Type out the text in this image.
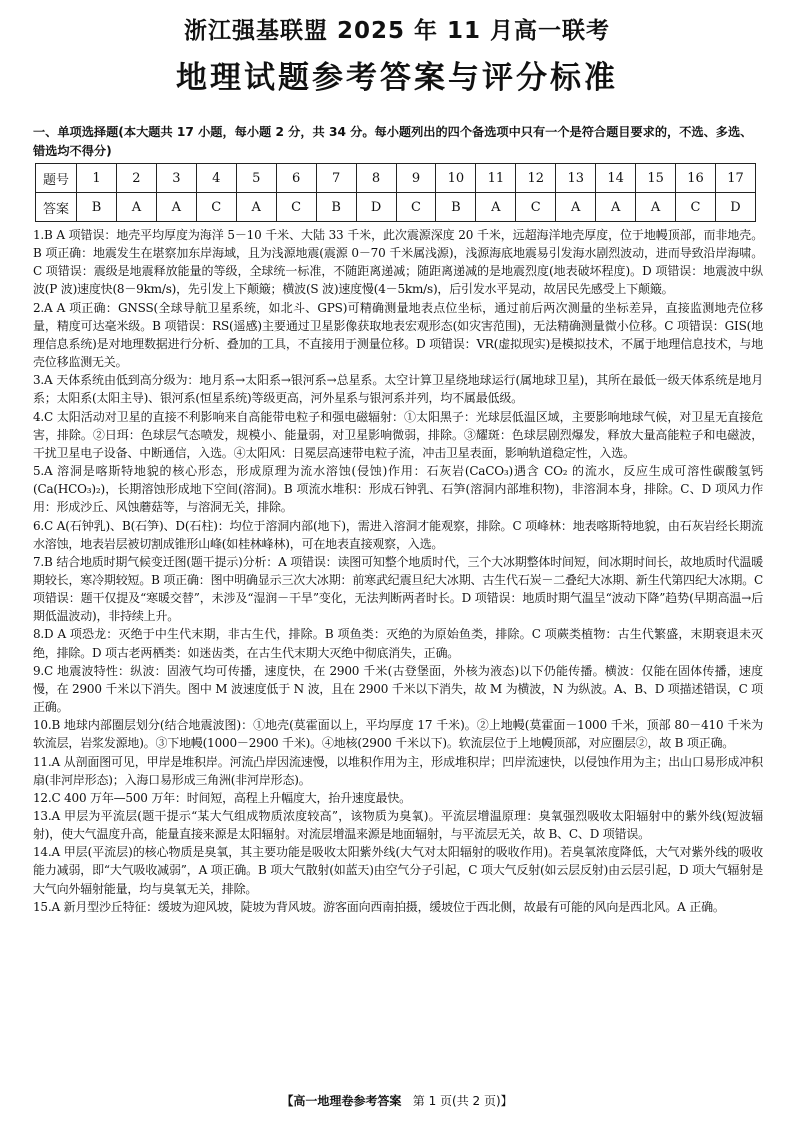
浙江强基联盟 2025 年 11 月高一联考
地理试题参考答案与评分标准
一、单项选择题(本大题共 17 小题，每小题 2 分，共 34 分。每小题列出的四个备选项中只有一个是符合题目要求的，不选、多选、错选均不得分)
题号	1	2	3	4	5	6	7	8	9	10	11	12	13	14	15	16	17
答案	B	A	A	C	A	C	B	D	C	B	A	C	A	A	A	C	D

1.B A 项错误：地壳平均厚度为海洋 5－10 千米、大陆 33 千米，此次震源深度 20 千米，远超海洋地壳厚度，位于地幔顶部，而非地壳。B 项正确：地震发生在堪察加东岸海域，且为浅源地震(震源 0－70 千米属浅源)，浅源海底地震易引发海水剧烈波动，进而导致沿岸海啸。C 项错误：震级是地震释放能量的等级，全球统一标准，不随距离递减；随距离递减的是地震烈度(地表破坏程度)。D 项错误：地震波中纵波(P 波)速度快(8－9km/s)，先引发上下颠簸；横波(S 波)速度慢(4－5km/s)，后引发水平晃动，故居民先感受上下颠簸。

2.A A 项正确：GNSS(全球导航卫星系统，如北斗、GPS)可精确测量地表点位坐标，通过前后两次测量的坐标差异，直接监测地壳位移量，精度可达毫米级。B 项错误：RS(遥感)主要通过卫星影像获取地表宏观形态(如灾害范围)，无法精确测量微小位移。C 项错误：GIS(地理信息系统)是对地理数据进行分析、叠加的工具，不直接用于测量位移。D 项错误：VR(虚拟现实)是模拟技术，不属于地理信息技术，与地壳位移监测无关。

3.A 天体系统由低到高分级为：地月系→太阳系→银河系→总星系。太空计算卫星绕地球运行(属地球卫星)，其所在最低一级天体系统是地月系；太阳系(太阳主导)、银河系(恒星系统)等级更高，河外星系与银河系并列，均不属最低级。

4.C 太阳活动对卫星的直接不利影响来自高能带电粒子和强电磁辐射：①太阳黑子：光球层低温区域，主要影响地球气候，对卫星无直接危害，排除。②日珥：色球层气态喷发，规模小、能量弱，对卫星影响微弱，排除。③耀斑：色球层剧烈爆发，释放大量高能粒子和电磁波，干扰卫星电子设备、中断通信，入选。④太阳风：日冕层高速带电粒子流，冲击卫星表面，影响轨道稳定性，入选。

5.A 溶洞是喀斯特地貌的核心形态，形成原理为流水溶蚀(侵蚀)作用：石灰岩(CaCO₃)遇含 CO₂ 的流水，反应生成可溶性碳酸氢钙(Ca(HCO₃)₂)，长期溶蚀形成地下空间(溶洞)。B 项流水堆积：形成石钟乳、石笋(溶洞内部堆积物)，非溶洞本身，排除。C、D 项风力作用：形成沙丘、风蚀蘑菇等，与溶洞无关，排除。

6.C A(石钟乳)、B(石笋)、D(石柱)：均位于溶洞内部(地下)，需进入溶洞才能观察，排除。C 项峰林：地表喀斯特地貌，由石灰岩经长期流水溶蚀，地表岩层被切割成锥形山峰(如桂林峰林)，可在地表直接观察，入选。

7.B 结合地质时期气候变迁图(题干提示)分析：A 项错误：读图可知整个地质时代，三个大冰期整体时间短，间冰期时间长，故地质时代温暖期较长，寒冷期较短。B 项正确：图中明确显示三次大冰期：前寒武纪震旦纪大冰期、古生代石炭－二叠纪大冰期、新生代第四纪大冰期。C 项错误：题干仅提及“寒暖交替”，未涉及“湿润－干旱”变化，无法判断两者时长。D 项错误：地质时期气温呈“波动下降”趋势(早期高温→后期低温波动)，非持续上升。

8.D A 项恐龙：灭绝于中生代末期，非古生代，排除。B 项鱼类：灭绝的为原始鱼类，排除。C 项蕨类植物：古生代繁盛，末期衰退未灭绝，排除。D 项古老两栖类：如迷齿类，在古生代末期大灭绝中彻底消失，正确。

9.C 地震波特性：纵波：固液气均可传播，速度快，在 2900 千米(古登堡面，外核为液态)以下仍能传播。横波：仅能在固体传播，速度慢，在 2900 千米以下消失。图中 M 波速度低于 N 波，且在 2900 千米以下消失，故 M 为横波，N 为纵波。A、B、D 项描述错误，C 项正确。

10.B 地球内部圈层划分(结合地震波图)：①地壳(莫霍面以上，平均厚度 17 千米)。②上地幔(莫霍面－1000 千米，顶部 80－410 千米为软流层，岩浆发源地)。③下地幔(1000－2900 千米)。④地核(2900 千米以下)。软流层位于上地幔顶部，对应圈层②，故 B 项正确。

11.A 从剖面图可见，甲岸是堆积岸。河流凸岸因流速慢，以堆积作用为主，形成堆积岸；凹岸流速快，以侵蚀作用为主；出山口易形成冲积扇(非河岸形态)；入海口易形成三角洲(非河岸形态)。

12.C 400 万年—500 万年：时间短，高程上升幅度大，抬升速度最快。

13.A 甲层为平流层(题干提示“某大气组成物质浓度较高”，该物质为臭氧)。平流层增温原理：臭氧强烈吸收太阳辐射中的紫外线(短波辐射)，使大气温度升高，能量直接来源是太阳辐射。对流层增温来源是地面辐射，与平流层无关，故 B、C、D 项错误。

14.A 甲层(平流层)的核心物质是臭氧，其主要功能是吸收太阳紫外线(大气对太阳辐射的吸收作用)。若臭氧浓度降低，大气对紫外线的吸收能力减弱，即“大气吸收减弱”，A 项正确。B 项大气散射(如蓝天)由空气分子引起，C 项大气反射(如云层反射)由云层引起，D 项大气辐射是大气向外辐射能量，均与臭氧无关，排除。

15.A 新月型沙丘特征：缓坡为迎风坡，陡坡为背风坡。游客面向西南拍摄，缓坡位于西北侧，故最有可能的风向是西北风。A 正确。

【高一地理卷参考答案 第 1 页(共 2 页)】
